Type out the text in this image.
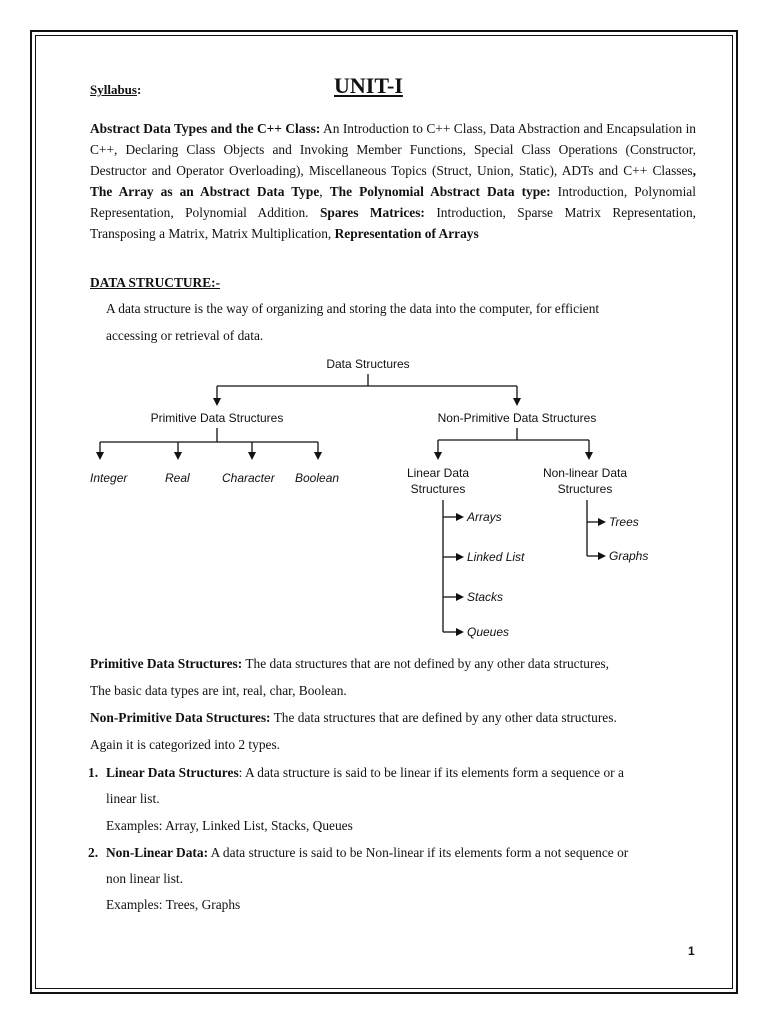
Syllabus:	UNIT-I
Abstract Data Types and the C++ Class: An Introduction to C++ Class, Data Abstraction and Encapsulation in C++, Declaring Class Objects and Invoking Member Functions, Special Class Operations (Constructor, Destructor and Operator Overloading), Miscellaneous Topics (Struct, Union, Static), ADTs and C++ Classes, The Array as an Abstract Data Type, The Polynomial Abstract Data type: Introduction, Polynomial Representation, Polynomial Addition. Spares Matrices: Introduction, Sparse Matrix Representation, Transposing a Matrix, Matrix Multiplication, Representation of Arrays
DATA STRUCTURE:-
A data structure is the way of organizing and storing the data into the computer, for efficient
accessing or retrieval of data.
Data Structures
Primitive Data Structures	Non-Primitive Data Structures
Integer	Real	Character Boolean	Linear Data
Structures
Non-linear Data
Structures
Arrays
Linked List
Stacks
Queues
Trees
Graphs
Primitive Data Structures: The data structures that are not defined by any other data structures,
The basic data types are int, real, char, Boolean.
Non-Primitive Data Structures: The data structures that are defined by any other data structures.
Again it is categorized into 2 types.
1. Linear Data Structures: A data structure is said to be linear if its elements form a sequence or a
linear list.
Examples: Array, Linked List, Stacks, Queues
2. Non-Linear Data: A data structure is said to be Non-linear if its elements form a not sequence or
non linear list.
Examples: Trees, Graphs
1
